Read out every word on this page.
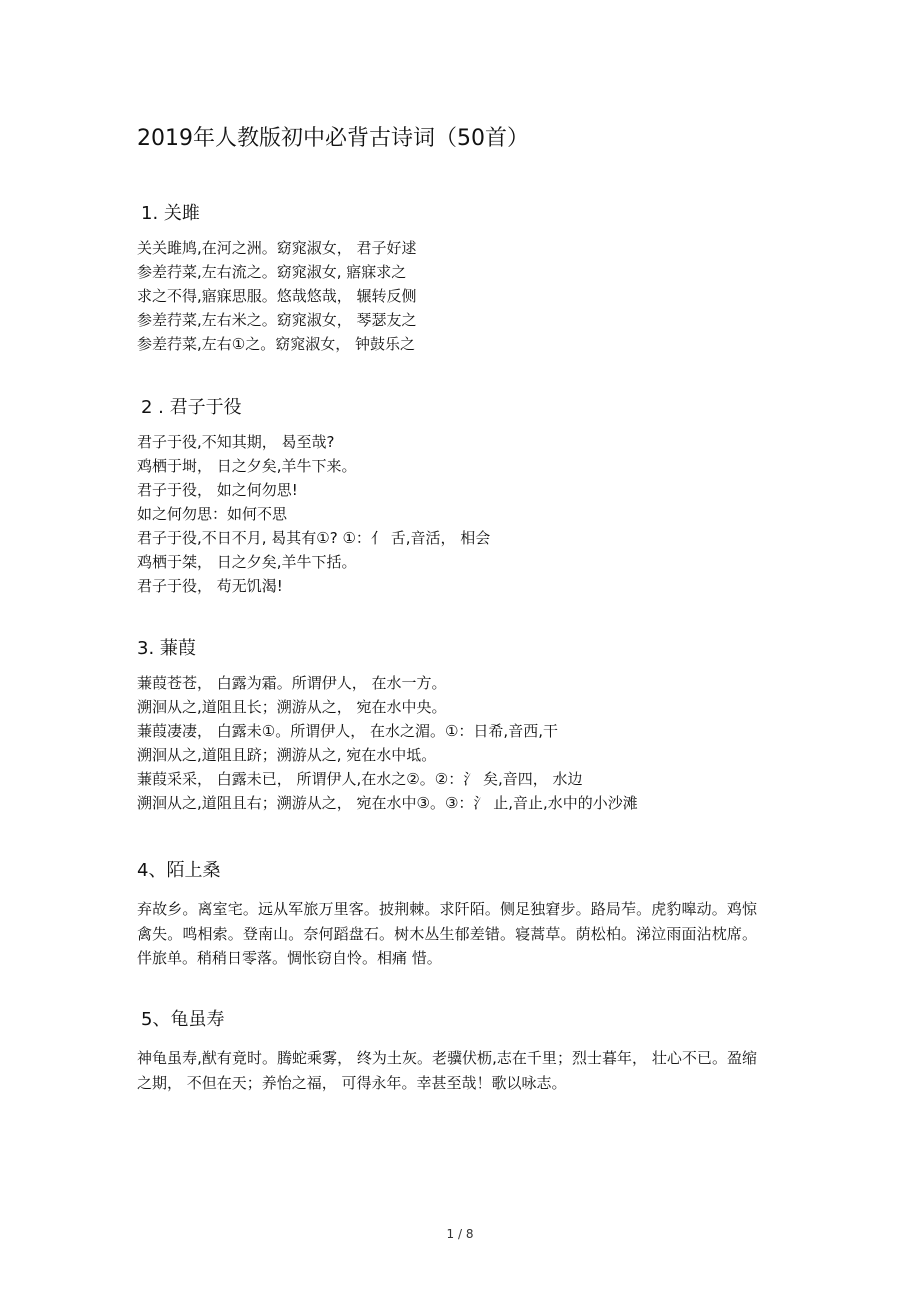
2019年人教版初中必背古诗词（50首）
1. 关雎
关关雎鸠,在河之洲。窈窕淑女， 君子好逑
参差荇菜,左右流之。窈窕淑女, 寤寐求之
求之不得,寤寐思服。悠哉悠哉， 辗转反侧
参差荇菜,左右米之。窈窕淑女， 琴瑟友之
参差荇菜,左右①之。窈窕淑女， 钟鼓乐之
2 . 君子于役
君子于役,不知其期， 曷至哉?
鸡栖于埘， 日之夕矣,羊牛下来。
君子于役， 如之何勿思!
如之何勿思：如何不思
君子于役,不日不月, 曷其有①? ①：亻 舌,音活， 相会
鸡栖于桀， 日之夕矣,羊牛下括。
君子于役， 苟无饥渴!
3. 蒹葭
蒹葭苍苍， 白露为霜。所谓伊人， 在水一方。
溯洄从之,道阻且长；溯游从之， 宛在水中央。
蒹葭凄凄， 白露未①。所谓伊人， 在水之湄。①：日希,音西,干
溯洄从之,道阻且跻；溯游从之, 宛在水中坻。
蒹葭采采， 白露未已， 所谓伊人,在水之②。②：氵 矣,音四， 水边
溯洄从之,道阻且右；溯游从之， 宛在水中③。③：氵 止,音止,水中的小沙滩
4、陌上桑
弃故乡。离室宅。远从军旅万里客。披荆棘。求阡陌。侧足独窘步。路局苲。虎豹嗥动。鸡惊禽失。鸣相索。登南山。奈何蹈盘石。树木丛生郁差错。寝蒿草。荫松柏。涕泣雨面沾枕席。伴旅单。稍稍日零落。惆怅窃自怜。相痛 惜。
5、龟虽寿
神龟虽寿,猷有竟时。腾蛇乘雾， 终为土灰。老骥伏枥,志在千里；烈士暮年， 壮心不已。盈缩之期， 不但在天；养怡之福， 可得永年。幸甚至哉！歌以咏志。
1 / 8
